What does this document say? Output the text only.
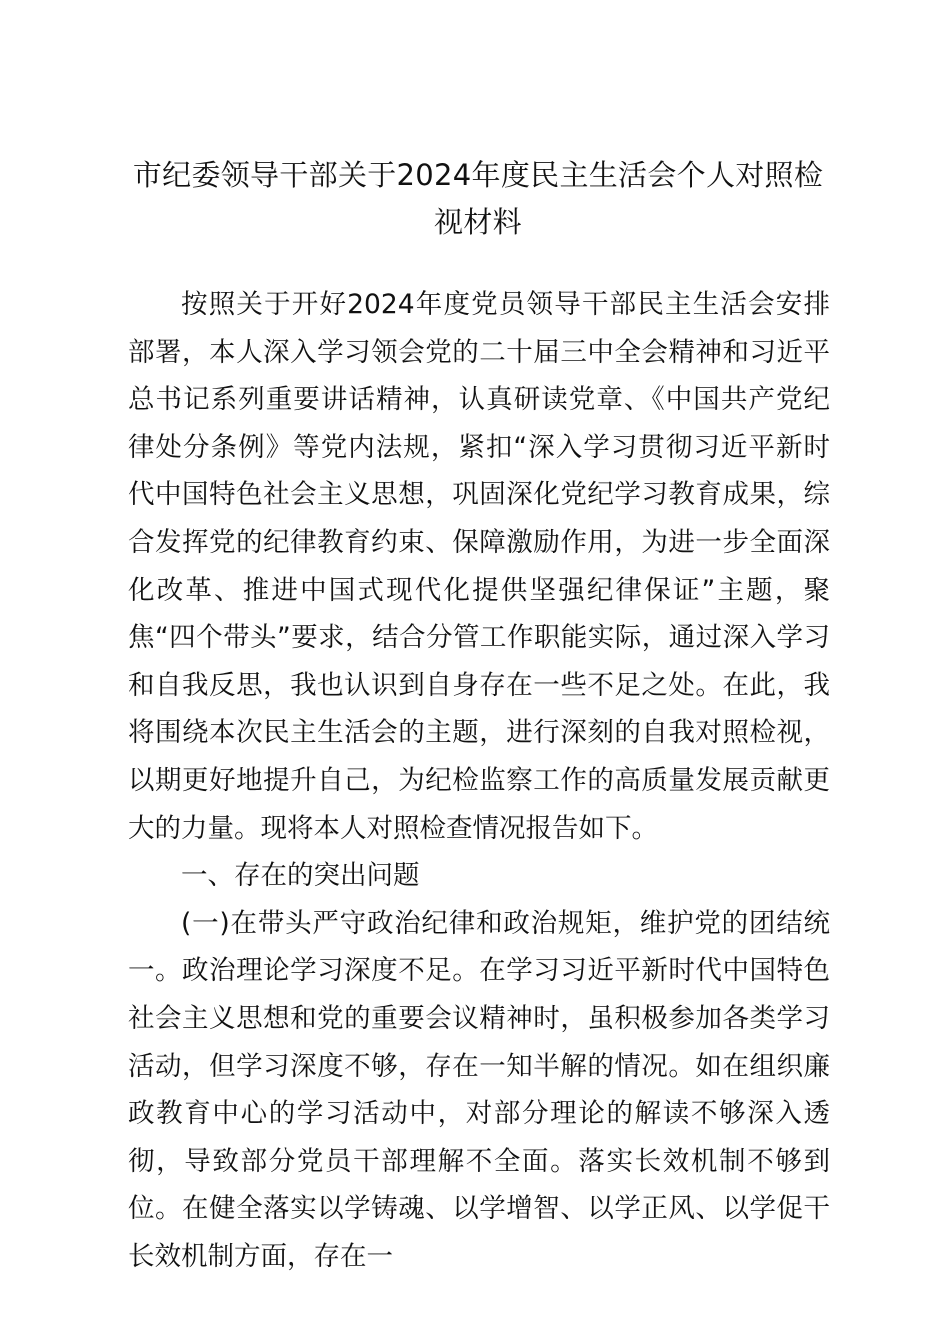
市纪委领导干部关于2024年度民主生活会个人对照检视材料

按照关于开好2024年度党员领导干部民主生活会安排部署，本人深入学习领会党的二十届三中全会精神和习近平总书记系列重要讲话精神，认真研读党章、《中国共产党纪律处分条例》等党内法规，紧扣“深入学习贯彻习近平新时代中国特色社会主义思想，巩固深化党纪学习教育成果，综合发挥党的纪律教育约束、保障激励作用，为进一步全面深化改革、推进中国式现代化提供坚强纪律保证”主题，聚焦“四个带头”要求，结合分管工作职能实际，通过深入学习和自我反思，我也认识到自身存在一些不足之处。在此，我将围绕本次民主生活会的主题，进行深刻的自我对照检视，以期更好地提升自己，为纪检监察工作的高质量发展贡献更大的力量。现将本人对照检查情况报告如下。

一、存在的突出问题

(一)在带头严守政治纪律和政治规矩，维护党的团结统一。政治理论学习深度不足。在学习习近平新时代中国特色社会主义思想和党的重要会议精神时，虽积极参加各类学习活动，但学习深度不够，存在一知半解的情况。如在组织廉政教育中心的学习活动中，对部分理论的解读不够深入透彻，导致部分党员干部理解不全面。落实长效机制不够到位。在健全落实以学铸魂、以学增智、以学正风、以学促干长效机制方面，存在一
